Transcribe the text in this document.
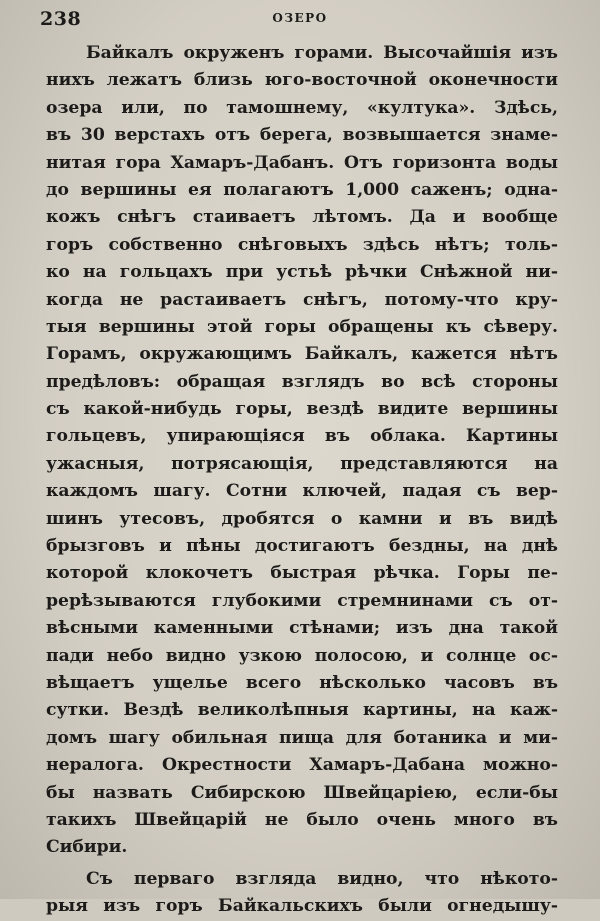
238	ОЗЕРО
Байкалъ окруженъ горами. Высочайшія изъ
нихъ лежатъ близь юго-восточной оконечности
озера или, по тамошнему, «култука». Здѣсь,
въ 30 верстахъ отъ берега, возвышается знаме-
нитая гора Хамаръ-Дабанъ. Отъ горизонта воды
до вершины ея полагаютъ 1,000 саженъ; одна-
кожъ снѣгъ стаиваетъ лѣтомъ. Да и вообще
горъ собственно снѣговыхъ здѣсь нѣтъ; толь-
ко на гольцахъ при устьѣ рѣчки Снѣжной ни-
когда не растаиваетъ снѣгъ, потому-что кру-
тыя вершины этой горы обращены къ сѣверу.
Горамъ, окружающимъ Байкалъ, кажется нѣтъ
предѣловъ: обращая взглядъ во всѣ стороны
съ какой-нибудь горы, вездѣ видите вершины
гольцевъ, упирающіяся въ облака. Картины
ужасныя, потрясающія, представляются на
каждомъ шагу. Сотни ключей, падая съ вер-
шинъ утесовъ, дробятся о камни и въ видѣ
брызговъ и пѣны достигаютъ бездны, на днѣ
которой клокочетъ быстрая рѣчка. Горы пе-
рерѣзываются глубокими стремнинами съ от-
вѣсными каменными стѣнами; изъ дна такой
пади небо видно узкою полосою, и солнце ос-
вѣщаетъ ущелье всего нѣсколько часовъ въ
сутки. Вездѣ великолѣпныя картины, на каж-
домъ шагу обильная пища для ботаника и ми-
нералога. Окрестности Хамаръ-Дабана можно-
бы назвать Сибирскою Швейцаріею, если-бы
такихъ Швейцарій не было очень много въ
Сибири.
Съ перваго взгляда видно, что нѣкото-
рыя изъ горъ Байкальскихъ были огнедышу-
